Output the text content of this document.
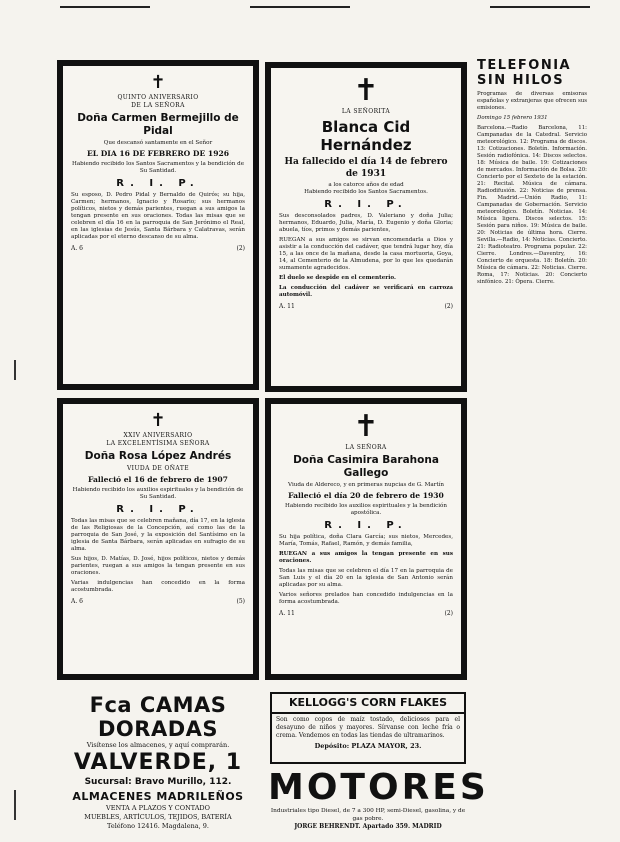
✝
QUINTO ANIVERSARIO
DE LA SEÑORA
Doña Carmen Bermejillo de Pidal
Que descansó santamente en el Señor
EL DIA 16 DE FEBRERO DE 1926
Habiendo recibido los Santos Sacramentos y la bendición de Su Santidad.
R. I. P.
Su esposo, D. Pedro Pidal y Bernaldo de Quirós; su hija, Carmen; hermanos, Ignacio y Rosario; sus hermanos políticos, nietos y demás parientes, ruegan a sus amigos la tengan presente en sus oraciones. Todas las misas que se celebren el día 16 en la parroquia de San Jerónimo el Real, en las iglesias de Jesús, Santa Bárbara y Calatravas, serán aplicadas por el eterno descanso de su alma.
A. 6	(2)
✝
LA SEÑORITA
Blanca Cid Hernández
Ha fallecido el día 14 de febrero de 1931
a los catorce años de edad
Habiendo recibido los Santos Sacramentos.
R. I. P.
Sus desconsolados padres, D. Valeriano y doña Julia; hermanos, Eduardo, Julia, María, D. Eugenio y doña Gloria; abuela, tíos, primos y demás parientes,
RUEGAN a sus amigos se sirvan encomendarla a Dios y asistir a la conducción del cadáver, que tendrá lugar hoy, día 15, a las once de la mañana, desde la casa mortuoria, Goya, 14, al Cementerio de la Almudena, por lo que les quedarán sumamente agradecidos.
El duelo se despide en el cementerio.
La conducción del cadáver se verificará en carroza automóvil.
A. 11	(2)
✝
XXIV ANIVERSARIO
LA EXCELENTÍSIMA SEÑORA
Doña Rosa López Andrés
VIUDA DE OÑATE
Falleció el 16 de febrero de 1907
Habiendo recibido los auxilios espirituales y la bendición de Su Santidad.
R. I. P.
Todas las misas que se celebren mañana, día 17, en la iglesia de las Religiosas de la Concepción, así como las de la parroquia de San José, y la exposición del Santísimo en la iglesia de Santa Bárbara, serán aplicadas en sufragio de su alma.
Sus hijos, D. Matías, D. José, hijos políticos, nietos y demás parientes, ruegan a sus amigos la tengan presente en sus oraciones.
Varias indulgencias han concedido en la forma acostumbrada.
A. 6	(5)
✝
LA SEÑORA
Doña Casimira Barahona Gallego
Viuda de Aldereco, y en primeras nupcias de G. Martín
Falleció el día 20 de febrero de 1930
Habiendo recibido los auxilios espirituales y la bendición apostólica.
R. I. P.
Su hija política, doña Clara García; sus nietos, Mercedes, María, Tomás, Rafael, Ramón, y demás familia,
RUEGAN a sus amigos la tengan presente en sus oraciones.
Todas las misas que se celebren el día 17 en la parroquia de San Luis y el día 20 en la iglesia de San Antonio serán aplicadas por su alma.
Varios señores prelados han concedido indulgencias en la forma acostumbrada.
A. 11	(2)
TELEFONIA SIN HILOS
Programas de diversas emisoras españolas y extranjeras que ofrecen sus emisiones.
Domingo 15 febrero 1931
Barcelona.—Radio Barcelona, 11: Campanadas de la Catedral. Servicio meteorológico. 12: Programa de discos. 13: Cotizaciones. Boletín. Información. Sesión radiofónica. 14: Discos selectos. 18: Música de baile. 19: Cotizaciones de mercados. Información de Bolsa. 20: Concierto por el Sexteto de la estación. 21: Recital. Música de cámara. Radiodifusión. 22: Noticias de prensa. Fin. Madrid.—Unión Radio, 11: Campanadas de Gobernación. Servicio meteorológico. Boletín. Noticias. 14: Música ligera. Discos selectos. 15: Sesión para niños. 19: Música de baile. 20: Noticias de última hora. Cierre. Sevilla.—Radio, 14: Noticias. Concierto. 21: Radioteatro. Programa popular. 22: Cierre. Londres.—Daventry, 16: Concierto de orquesta. 18: Boletín. 20: Música de cámara. 22: Noticias. Cierre. Roma, 17: Noticias. 20: Concierto sinfónico. 21: Ópera. Cierre.
Fca CAMAS DORADAS
Visítense los almacenes, y aquí comprarán.
VALVERDE, 1
Sucursal: Bravo Murillo, 112.
ALMACENES MADRILEÑOS
VENTA A PLAZOS Y CONTADO
MUEBLES, ARTÍCULOS, TEJIDOS, BATERÍA
Teléfono 12416. Magdalena, 9.
KELLOGG'S CORN FLAKES
Son como copos de maíz tostado, deliciosos para el desayuno de niños y mayores. Sírvanse con leche fría o crema. Vendemos en todas las tiendas de ultramarinos.
Depósito: PLAZA MAYOR, 23.
MOTORES
Industriales tipo Diesel, de 7 a 300 HP, semi-Diesel, gasolina, y de gas pobre.
JORGE BEHRENDT. Apartado 359. MADRID
